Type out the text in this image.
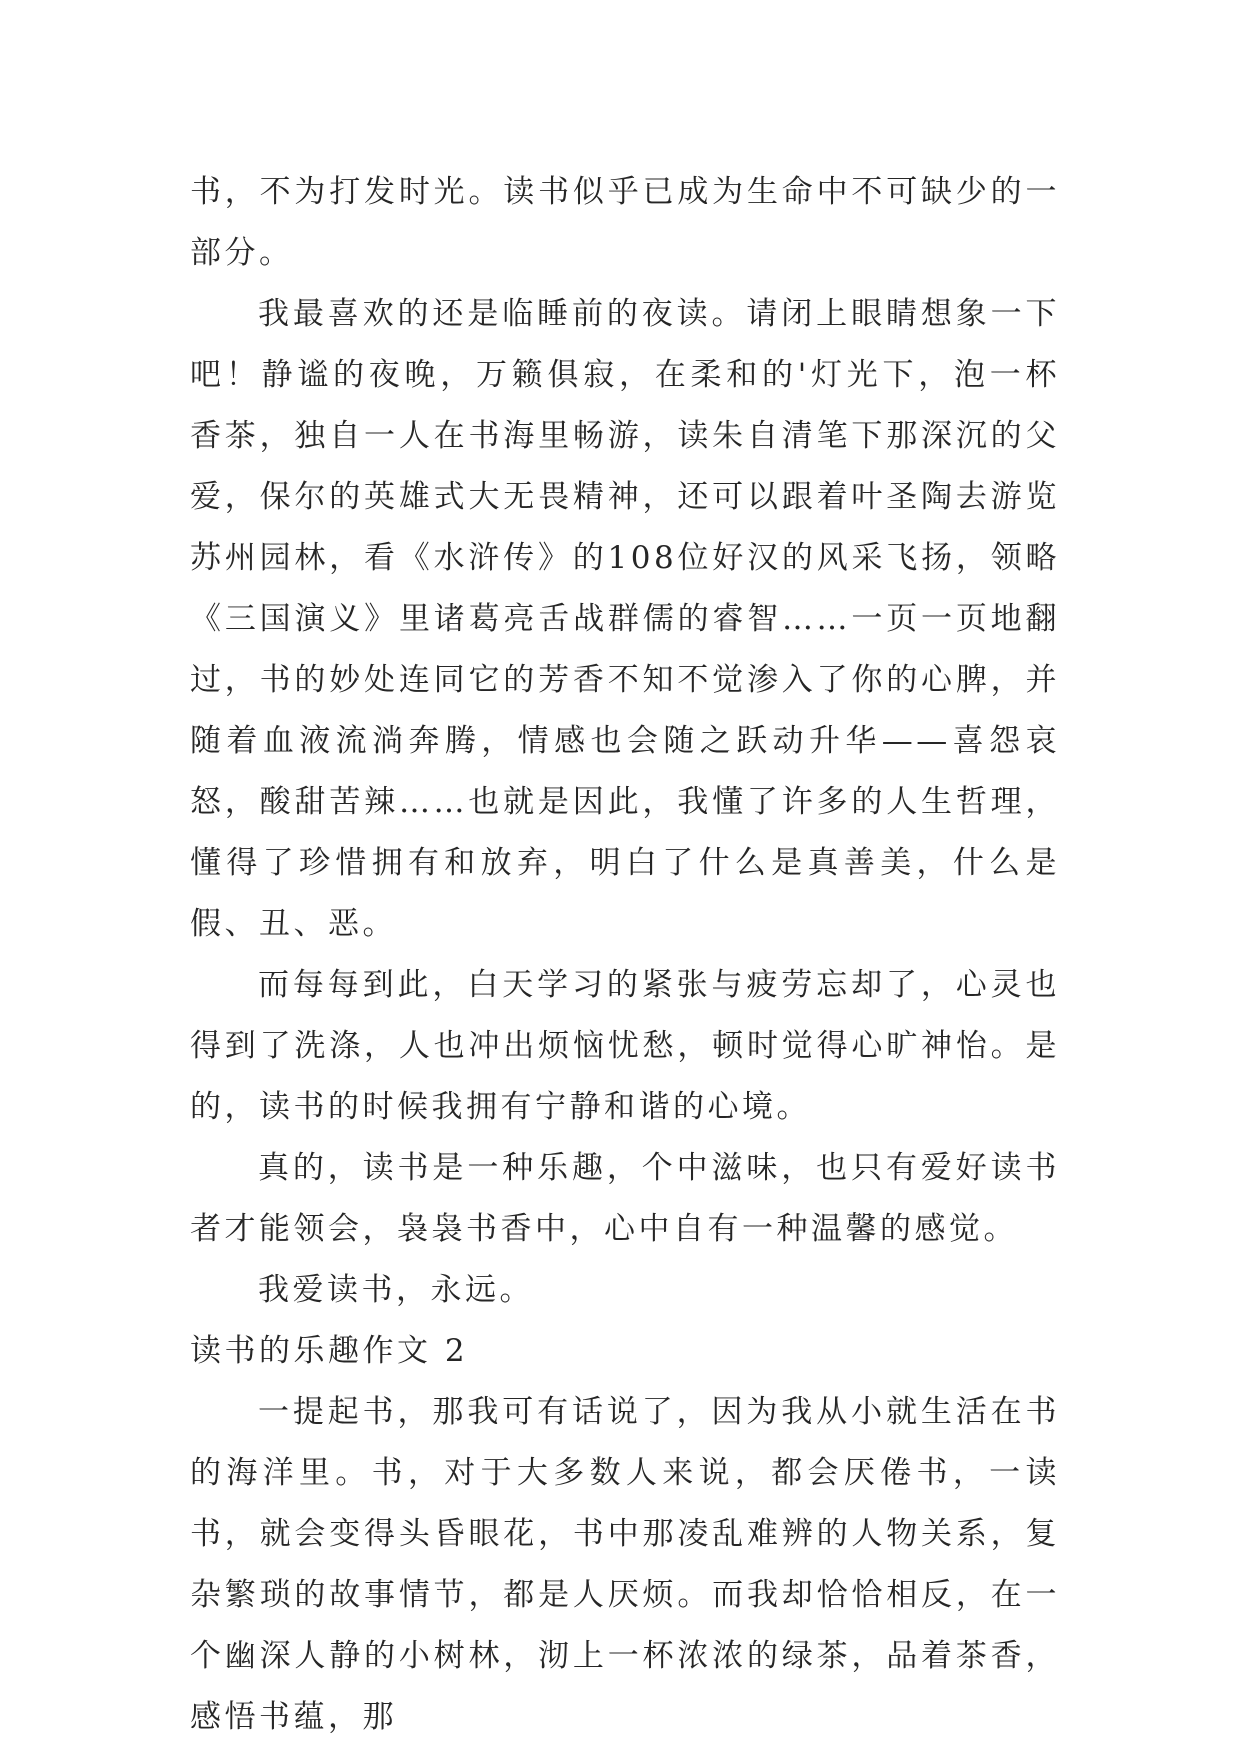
书，不为打发时光。读书似乎已成为生命中不可缺少的一部分。

我最喜欢的还是临睡前的夜读。请闭上眼睛想象一下吧！静谧的夜晚，万籁俱寂，在柔和的'灯光下，泡一杯香茶，独自一人在书海里畅游，读朱自清笔下那深沉的父爱，保尔的英雄式大无畏精神，还可以跟着叶圣陶去游览苏州园林，看《水浒传》的108位好汉的风采飞扬，领略《三国演义》里诸葛亮舌战群儒的睿智……一页一页地翻过，书的妙处连同它的芳香不知不觉渗入了你的心脾，并随着血液流淌奔腾，情感也会随之跃动升华——喜怨哀怒，酸甜苦辣……也就是因此，我懂了许多的人生哲理，懂得了珍惜拥有和放弃，明白了什么是真善美，什么是假、丑、恶。

而每每到此，白天学习的紧张与疲劳忘却了，心灵也得到了洗涤，人也冲出烦恼忧愁，顿时觉得心旷神怡。是的，读书的时候我拥有宁静和谐的心境。

真的，读书是一种乐趣，个中滋味，也只有爱好读书者才能领会，袅袅书香中，心中自有一种温馨的感觉。

我爱读书，永远。

读书的乐趣作文 2

一提起书，那我可有话说了，因为我从小就生活在书的海洋里。书，对于大多数人来说，都会厌倦书，一读书，就会变得头昏眼花，书中那凌乱难辨的人物关系，复杂繁琐的故事情节，都是人厌烦。而我却恰恰相反，在一个幽深人静的小树林，沏上一杯浓浓的绿茶，品着茶香，感悟书蕴，那
